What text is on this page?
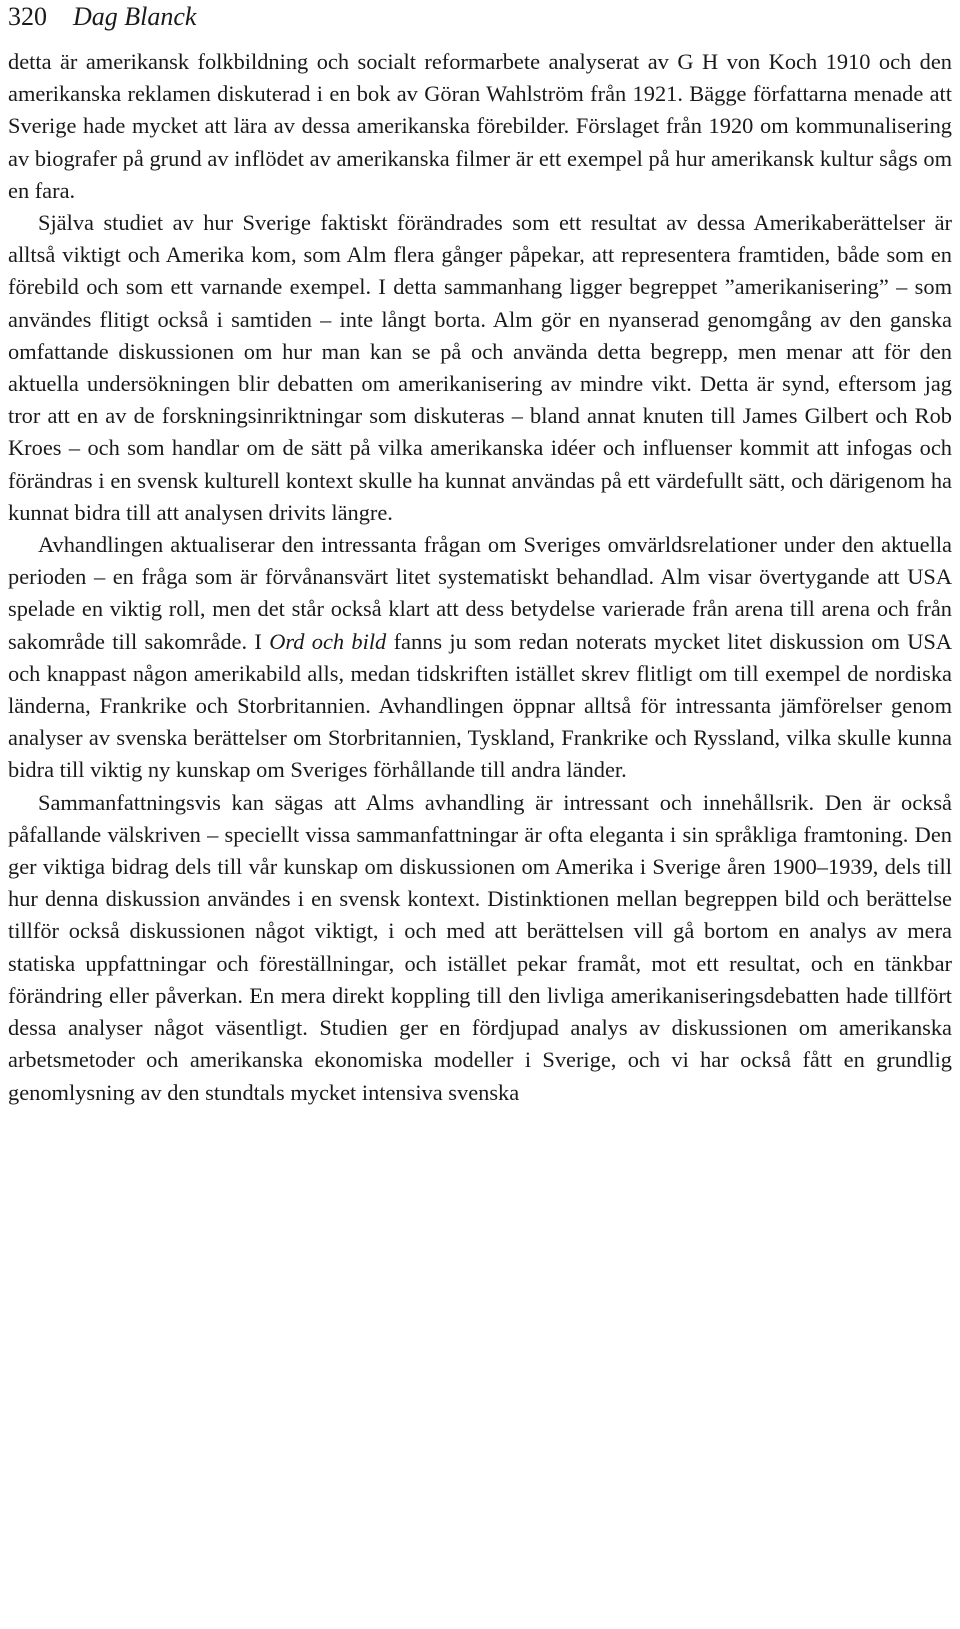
320 Dag Blanck

detta är amerikansk folkbildning och socialt reformarbete analyserat av G H von Koch 1910 och den amerikanska reklamen diskuterad i en bok av Göran Wahlström från 1921. Bägge författarna menade att Sverige hade mycket att lära av dessa amerikanska förebilder. Förslaget från 1920 om kommunalisering av biografer på grund av inflödet av amerikanska filmer är ett exempel på hur amerikansk kultur sågs om en fara.

Själva studiet av hur Sverige faktiskt förändrades som ett resultat av dessa Amerikaberättelser är alltså viktigt och Amerika kom, som Alm flera gånger påpekar, att representera framtiden, både som en förebild och som ett varnande exempel. I detta sammanhang ligger begreppet ”amerikanisering” – som användes flitigt också i samtiden – inte långt borta. Alm gör en nyanserad genomgång av den ganska omfattande diskussionen om hur man kan se på och använda detta begrepp, men menar att för den aktuella undersökningen blir debatten om amerikanisering av mindre vikt. Detta är synd, eftersom jag tror att en av de forskningsinriktningar som diskuteras – bland annat knuten till James Gilbert och Rob Kroes – och som handlar om de sätt på vilka amerikanska idéer och influenser kommit att infogas och förändras i en svensk kulturell kontext skulle ha kunnat användas på ett värdefullt sätt, och därigenom ha kunnat bidra till att analysen drivits längre.

Avhandlingen aktualiserar den intressanta frågan om Sveriges omvärldsrelationer under den aktuella perioden – en fråga som är förvånansvärt litet systematiskt behandlad. Alm visar övertygande att USA spelade en viktig roll, men det står också klart att dess betydelse varierade från arena till arena och från sakområde till sakområde. I Ord och bild fanns ju som redan noterats mycket litet diskussion om USA och knappast någon amerikabild alls, medan tidskriften istället skrev flitligt om till exempel de nordiska länderna, Frankrike och Storbritannien. Avhandlingen öppnar alltså för intressanta jämförelser genom analyser av svenska berättelser om Storbritannien, Tyskland, Frankrike och Ryssland, vilka skulle kunna bidra till viktig ny kunskap om Sveriges förhållande till andra länder.

Sammanfattningsvis kan sägas att Alms avhandling är intressant och innehållsrik. Den är också påfallande välskriven – speciellt vissa sammanfattningar är ofta eleganta i sin språkliga framtoning. Den ger viktiga bidrag dels till vår kunskap om diskussionen om Amerika i Sverige åren 1900–1939, dels till hur denna diskussion användes i en svensk kontext. Distinktionen mellan begreppen bild och berättelse tillför också diskussionen något viktigt, i och med att berättelsen vill gå bortom en analys av mera statiska uppfattningar och föreställningar, och istället pekar framåt, mot ett resultat, och en tänkbar förändring eller påverkan. En mera direkt koppling till den livliga amerikaniseringsdebatten hade tillfört dessa analyser något väsentligt. Studien ger en fördjupad analys av diskussionen om amerikanska arbetsmetoder och amerikanska ekonomiska modeller i Sverige, och vi har också fått en grundlig genomlysning av den stundtals mycket intensiva svenska
